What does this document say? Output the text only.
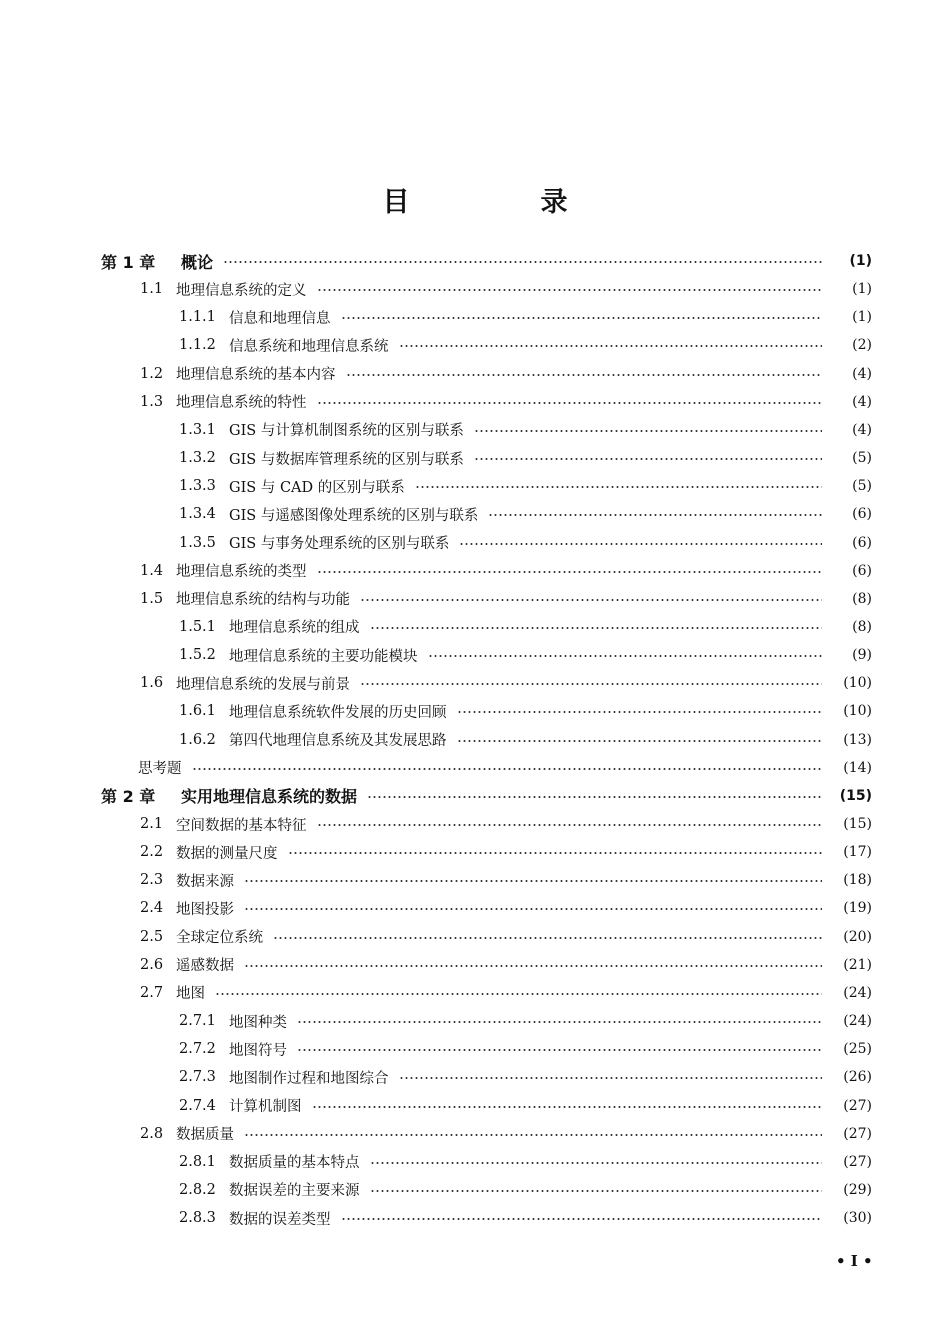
目　录
第 1 章	概论	(1)
1.1 地理信息系统的定义	(1)
1.1.1 信息和地理信息	(1)
1.1.2 信息系统和地理信息系统	(2)
1.2 地理信息系统的基本内容	(4)
1.3 地理信息系统的特性	(4)
1.3.1 GIS 与计算机制图系统的区别与联系	(4)
1.3.2 GIS 与数据库管理系统的区别与联系	(5)
1.3.3 GIS 与 CAD 的区别与联系	(5)
1.3.4 GIS 与遥感图像处理系统的区别与联系	(6)
1.3.5 GIS 与事务处理系统的区别与联系	(6)
1.4 地理信息系统的类型	(6)
1.5 地理信息系统的结构与功能	(8)
1.5.1 地理信息系统的组成	(8)
1.5.2 地理信息系统的主要功能模块	(9)
1.6 地理信息系统的发展与前景	(10)
1.6.1 地理信息系统软件发展的历史回顾	(10)
1.6.2 第四代地理信息系统及其发展思路	(13)
思考题	(14)
第 2 章	实用地理信息系统的数据	(15)
2.1 空间数据的基本特征	(15)
2.2 数据的测量尺度	(17)
2.3 数据来源	(18)
2.4 地图投影	(19)
2.5 全球定位系统	(20)
2.6 遥感数据	(21)
2.7 地图	(24)
2.7.1 地图种类	(24)
2.7.2 地图符号	(25)
2.7.3 地图制作过程和地图综合	(26)
2.7.4 计算机制图	(27)
2.8 数据质量	(27)
2.8.1 数据质量的基本特点	(27)
2.8.2 数据误差的主要来源	(29)
2.8.3 数据的误差类型	(30)
• I •
